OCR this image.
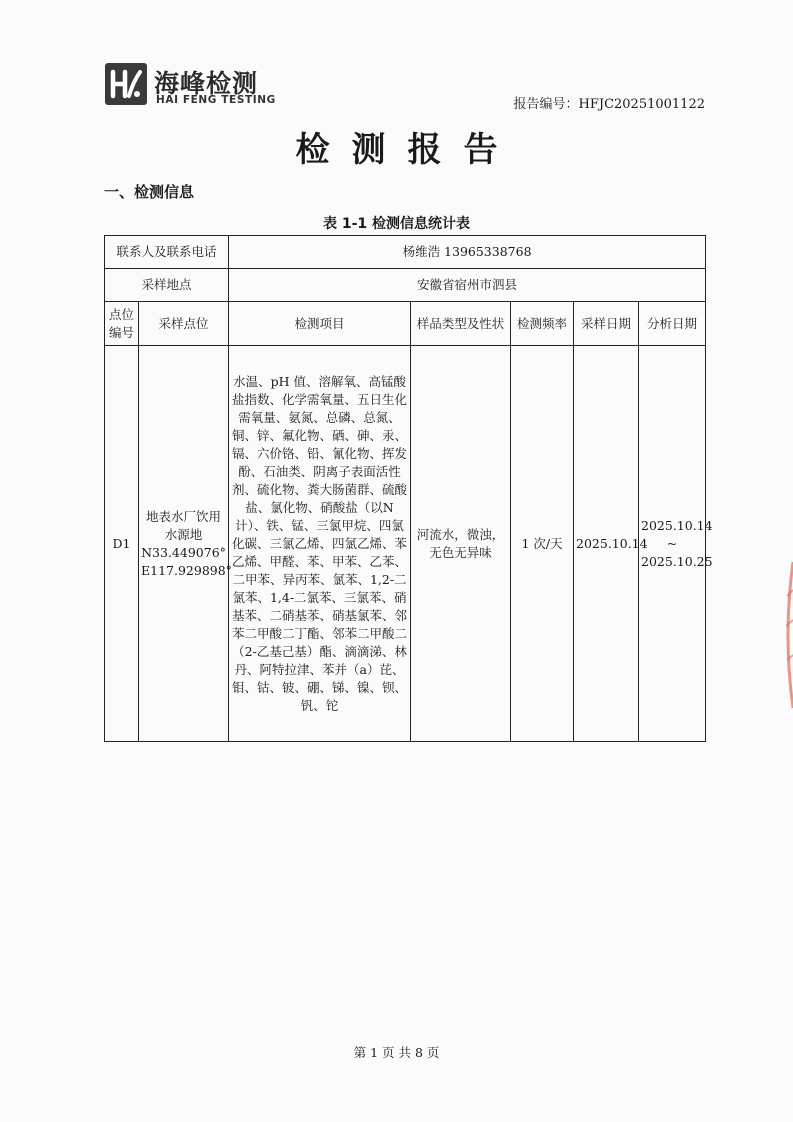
海峰检测
HAI FENG TESTING	报告编号：HFJC20251001122
检测报告
一、检测信息
表 1-1 检测信息统计表
联系人及联系电话		杨维浩 13965338768				
采样地点		安徽省宿州市泗县				
点位编号	采样点位	检测项目	样品类型及性状	检测频率	采样日期	分析日期
D1	地表水厂饮用水源地 N33.449076° E117.929898°	水温、pH 值、溶解氧、高锰酸盐指数、化学需氧量、五日生化需氧量、氨氮、总磷、总氮、铜、锌、氟化物、硒、砷、汞、镉、六价铬、铅、氰化物、挥发酚、石油类、阴离子表面活性剂、硫化物、粪大肠菌群、硫酸盐、氯化物、硝酸盐（以N 计）、铁、锰、三氯甲烷、四氯化碳、三氯乙烯、四氯乙烯、苯乙烯、甲醛、苯、甲苯、乙苯、二甲苯、异丙苯、氯苯、1,2-二氯苯、1,4-二氯苯、三氯苯、硝基苯、二硝基苯、硝基氯苯、邻苯二甲酸二丁酯、邻苯二甲酸二（2-乙基己基）酯、滴滴涕、林丹、阿特拉津、苯并（a）芘、钼、钴、铍、硼、锑、镍、钡、钒、铊	河流水，微浊，无色无异味	1 次/天	2025.10.14	2025.10.14 ~ 2025.10.25
第 1 页 共 8 页
